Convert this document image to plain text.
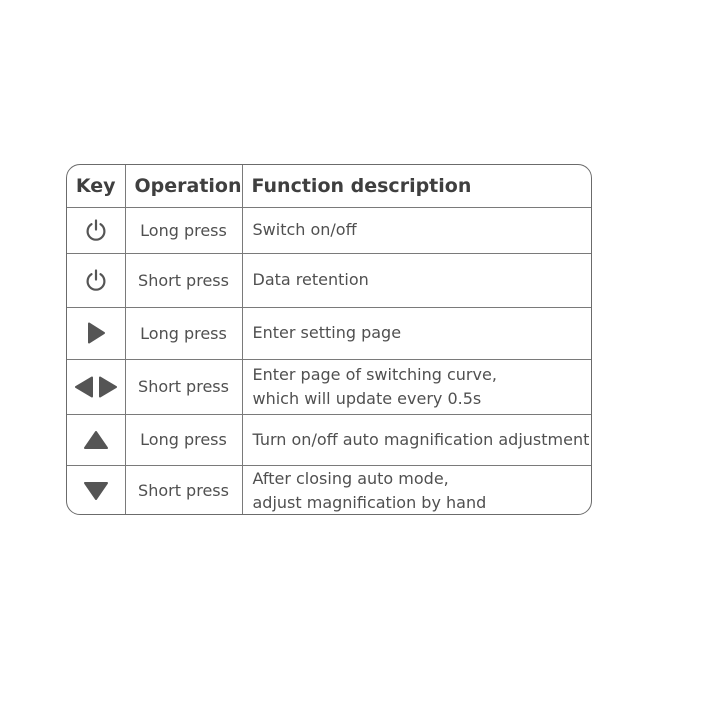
Key	Operation	Function description

	Long press	Switch on/off

	Short press	Data retention

	Long press	Enter setting page

	Short press	Enter page of switching curve,
which will update every 0.5s

	Long press	Turn on/off auto magnification adjustment

	Short press	After closing auto mode,
adjust magnification by hand
